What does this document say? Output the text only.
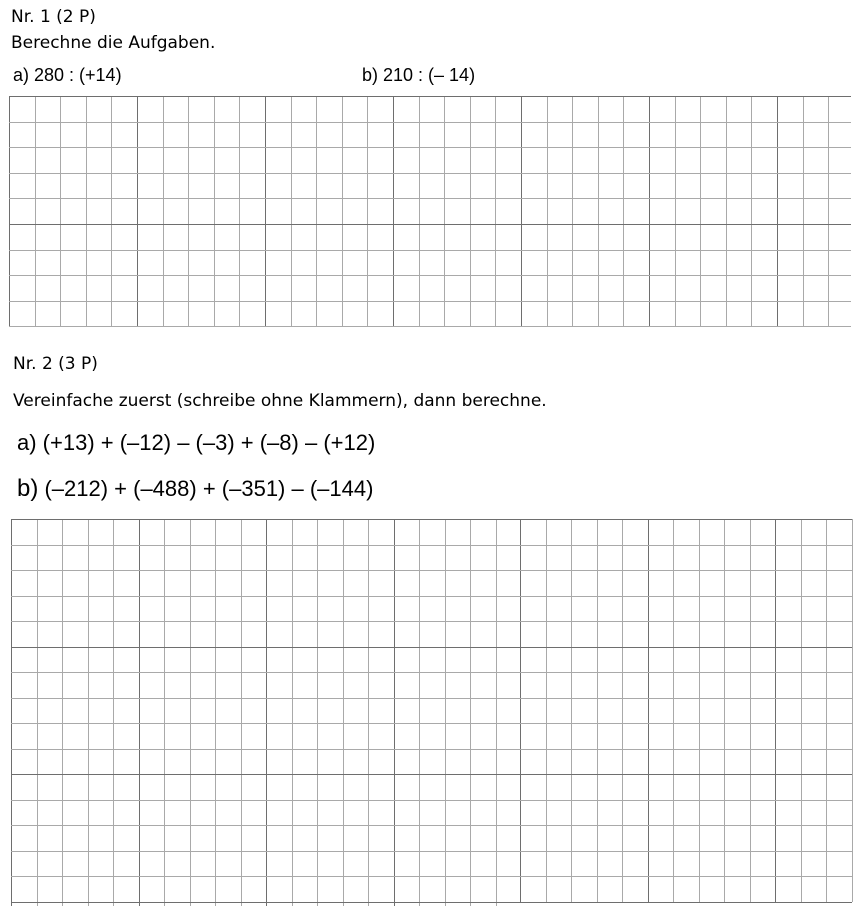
Nr. 1 (2 P)
Berechne die Aufgaben.
a) 280 : (+14)	b) 210 : (– 14)
Nr. 2 (3 P)
Vereinfache zuerst (schreibe ohne Klammern), dann berechne.
a) (+13) + (–12) – (–3) + (–8) – (+12)
b) (–212) + (–488) + (–351) – (–144)
